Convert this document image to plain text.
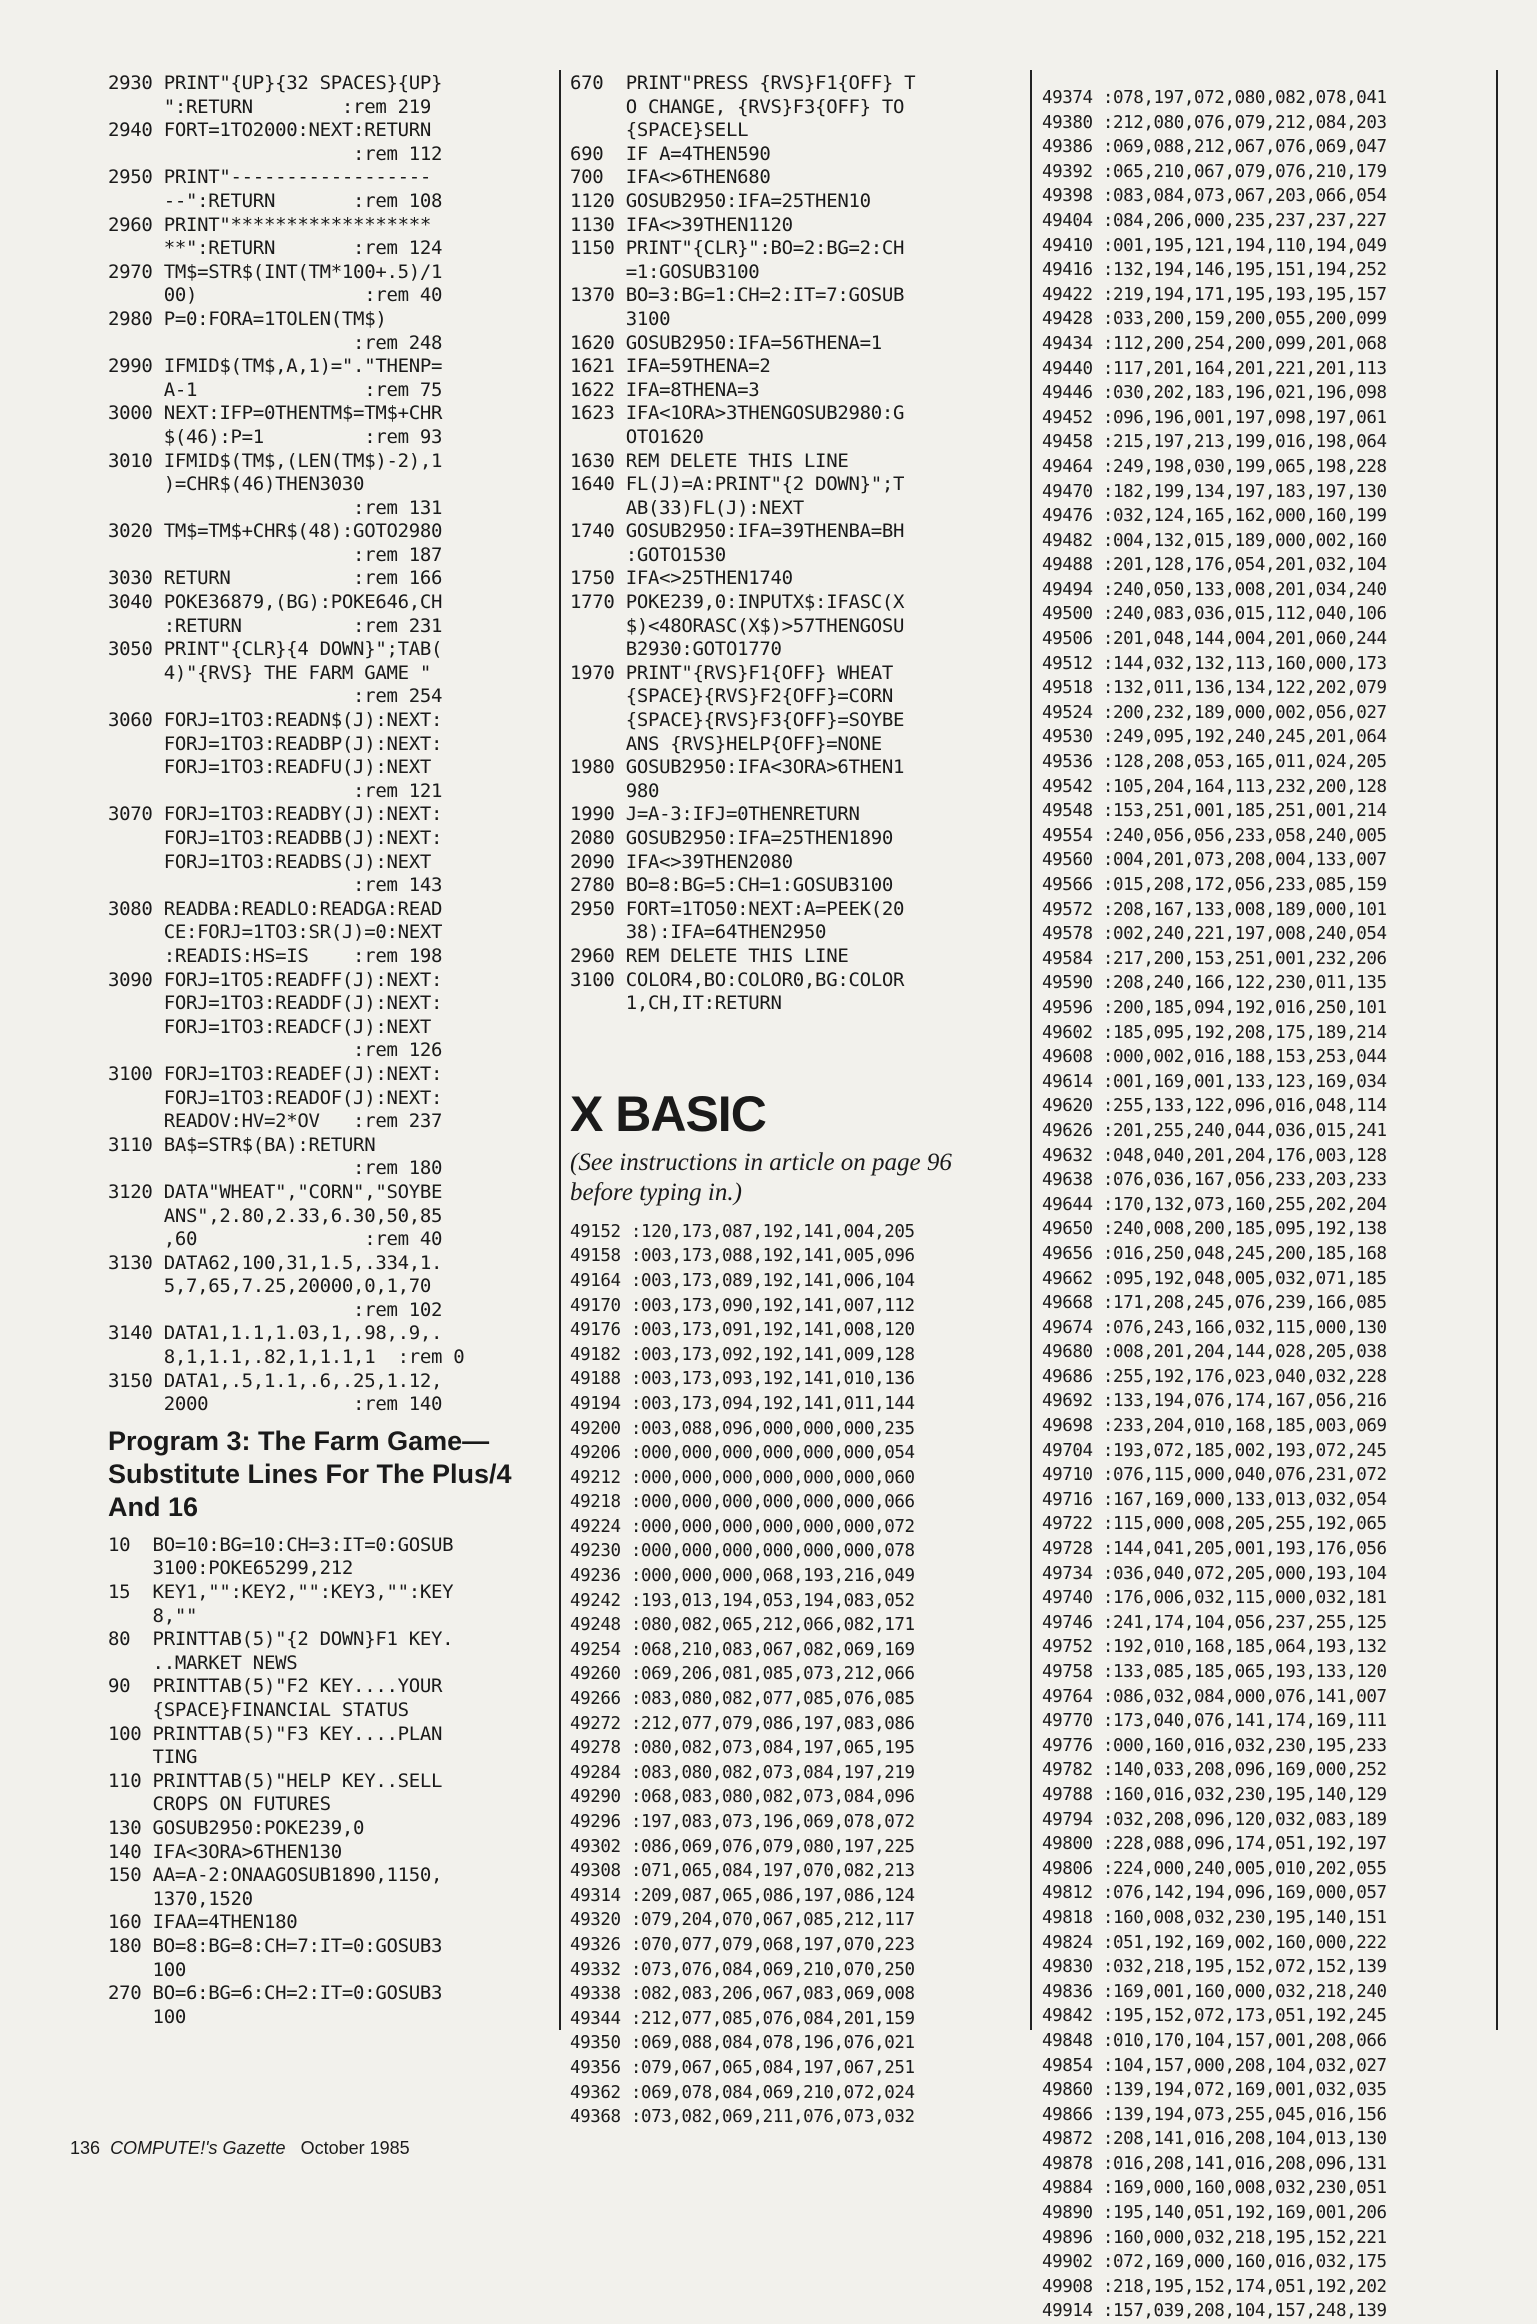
2930 PRINT"{UP}{32 SPACES}{UP}
":RETURN        :rem 219
2940 FORT=1TO2000:NEXT:RETURN
:rem 112
2950 PRINT"------------------
--":RETURN       :rem 108
2960 PRINT"******************
**":RETURN       :rem 124
2970 TM$=STR$(INT(TM*100+.5)/1
00)               :rem 40
2980 P=0:FORA=1TOLEN(TM$)
:rem 248
2990 IFMID$(TM$,A,1)="."THENP=
A-1               :rem 75
3000 NEXT:IFP=0THENTM$=TM$+CHR
$(46):P=1         :rem 93
3010 IFMID$(TM$,(LEN(TM$)-2),1
)=CHR$(46)THEN3030
:rem 131
3020 TM$=TM$+CHR$(48):GOTO2980
:rem 187
3030 RETURN           :rem 166
3040 POKE36879,(BG):POKE646,CH
:RETURN          :rem 231
3050 PRINT"{CLR}{4 DOWN}";TAB(
4)"{RVS} THE FARM GAME "
:rem 254
3060 FORJ=1TO3:READN$(J):NEXT:
FORJ=1TO3:READBP(J):NEXT:
FORJ=1TO3:READFU(J):NEXT
:rem 121
3070 FORJ=1TO3:READBY(J):NEXT:
FORJ=1TO3:READBB(J):NEXT:
FORJ=1TO3:READBS(J):NEXT
:rem 143
3080 READBA:READLO:READGA:READ
CE:FORJ=1TO3:SR(J)=0:NEXT
:READIS:HS=IS    :rem 198
3090 FORJ=1TO5:READFF(J):NEXT:
FORJ=1TO3:READDF(J):NEXT:
FORJ=1TO3:READCF(J):NEXT
:rem 126
3100 FORJ=1TO3:READEF(J):NEXT:
FORJ=1TO3:READOF(J):NEXT:
READOV:HV=2*OV   :rem 237
3110 BA$=STR$(BA):RETURN
:rem 180
3120 DATA"WHEAT","CORN","SOYBE
ANS",2.80,2.33,6.30,50,85
,60               :rem 40
3130 DATA62,100,31,1.5,.334,1.
5,7,65,7.25,20000,0,1,70
:rem 102
3140 DATA1,1.1,1.03,1,.98,.9,.
8,1,1.1,.82,1,1.1,1  :rem 0
3150 DATA1,.5,1.1,.6,.25,1.12,
2000             :rem 140
Program 3: The Farm Game— Substitute Lines For The Plus/4 And 16
10  BO=10:BG=10:CH=3:IT=0:GOSUB
3100:POKE65299,212
15  KEY1,"":KEY2,"":KEY3,"":KEY
8,""
80  PRINTTAB(5)"{2 DOWN}F1 KEY.
..MARKET NEWS
90  PRINTTAB(5)"F2 KEY....YOUR
{SPACE}FINANCIAL STATUS
100 PRINTTAB(5)"F3 KEY....PLAN
TING
110 PRINTTAB(5)"HELP KEY..SELL
CROPS ON FUTURES
130 GOSUB2950:POKE239,0
140 IFA<3ORA>6THEN130
150 AA=A-2:ONAAGOSUB1890,1150,
1370,1520
160 IFAA=4THEN180
180 BO=8:BG=8:CH=7:IT=0:GOSUB3
100
270 BO=6:BG=6:CH=2:IT=0:GOSUB3
100
670  PRINT"PRESS {RVS}F1{OFF} T
O CHANGE, {RVS}F3{OFF} TO
{SPACE}SELL
690  IF A=4THEN590
700  IFA<>6THEN680
1120 GOSUB2950:IFA=25THEN10
1130 IFA<>39THEN1120
1150 PRINT"{CLR}":BO=2:BG=2:CH
=1:GOSUB3100
1370 BO=3:BG=1:CH=2:IT=7:GOSUB
3100
1620 GOSUB2950:IFA=56THENA=1
1621 IFA=59THENA=2
1622 IFA=8THENA=3
1623 IFA<1ORA>3THENGOSUB2980:G
OTO1620
1630 REM DELETE THIS LINE
1640 FL(J)=A:PRINT"{2 DOWN}";T
AB(33)FL(J):NEXT
1740 GOSUB2950:IFA=39THENBA=BH
:GOTO1530
1750 IFA<>25THEN1740
1770 POKE239,0:INPUTX$:IFASC(X
$)<48ORASC(X$)>57THENGOSU
B2930:GOTO1770
1970 PRINT"{RVS}F1{OFF} WHEAT
{SPACE}{RVS}F2{OFF}=CORN
{SPACE}{RVS}F3{OFF}=SOYBE
ANS {RVS}HELP{OFF}=NONE
1980 GOSUB2950:IFA<3ORA>6THEN1
980
1990 J=A-3:IFJ=0THENRETURN
2080 GOSUB2950:IFA=25THEN1890
2090 IFA<>39THEN2080
2780 BO=8:BG=5:CH=1:GOSUB3100
2950 FORT=1TO50:NEXT:A=PEEK(20
38):IFA=64THEN2950
2960 REM DELETE THIS LINE
3100 COLOR4,BO:COLOR0,BG:COLOR
1,CH,IT:RETURN
X BASIC
(See instructions in article on page 96 before typing in.)
49152 :120,173,087,192,141,004,205
49158 :003,173,088,192,141,005,096
49164 :003,173,089,192,141,006,104
49170 :003,173,090,192,141,007,112
49176 :003,173,091,192,141,008,120
49182 :003,173,092,192,141,009,128
49188 :003,173,093,192,141,010,136
49194 :003,173,094,192,141,011,144
49200 :003,088,096,000,000,000,235
49206 :000,000,000,000,000,000,054
49212 :000,000,000,000,000,000,060
49218 :000,000,000,000,000,000,066
49224 :000,000,000,000,000,000,072
49230 :000,000,000,000,000,000,078
49236 :000,000,000,068,193,216,049
49242 :193,013,194,053,194,083,052
49248 :080,082,065,212,066,082,171
49254 :068,210,083,067,082,069,169
49260 :069,206,081,085,073,212,066
49266 :083,080,082,077,085,076,085
49272 :212,077,079,086,197,083,086
49278 :080,082,073,084,197,065,195
49284 :083,080,082,073,084,197,219
49290 :068,083,080,082,073,084,096
49296 :197,083,073,196,069,078,072
49302 :086,069,076,079,080,197,225
49308 :071,065,084,197,070,082,213
49314 :209,087,065,086,197,086,124
49320 :079,204,070,067,085,212,117
49326 :070,077,079,068,197,070,223
49332 :073,076,084,069,210,070,250
49338 :082,083,206,067,083,069,008
49344 :212,077,085,076,084,201,159
49350 :069,088,084,078,196,076,021
49356 :079,067,065,084,197,067,251
49362 :069,078,084,069,210,072,024
49368 :073,082,069,211,076,073,032
49374 :078,197,072,080,082,078,041
49380 :212,080,076,079,212,084,203
49386 :069,088,212,067,076,069,047
49392 :065,210,067,079,076,210,179
49398 :083,084,073,067,203,066,054
49404 :084,206,000,235,237,237,227
49410 :001,195,121,194,110,194,049
49416 :132,194,146,195,151,194,252
49422 :219,194,171,195,193,195,157
49428 :033,200,159,200,055,200,099
49434 :112,200,254,200,099,201,068
49440 :117,201,164,201,221,201,113
49446 :030,202,183,196,021,196,098
49452 :096,196,001,197,098,197,061
49458 :215,197,213,199,016,198,064
49464 :249,198,030,199,065,198,228
49470 :182,199,134,197,183,197,130
49476 :032,124,165,162,000,160,199
49482 :004,132,015,189,000,002,160
49488 :201,128,176,054,201,032,104
49494 :240,050,133,008,201,034,240
49500 :240,083,036,015,112,040,106
49506 :201,048,144,004,201,060,244
49512 :144,032,132,113,160,000,173
49518 :132,011,136,134,122,202,079
49524 :200,232,189,000,002,056,027
49530 :249,095,192,240,245,201,064
49536 :128,208,053,165,011,024,205
49542 :105,204,164,113,232,200,128
49548 :153,251,001,185,251,001,214
49554 :240,056,056,233,058,240,005
49560 :004,201,073,208,004,133,007
49566 :015,208,172,056,233,085,159
49572 :208,167,133,008,189,000,101
49578 :002,240,221,197,008,240,054
49584 :217,200,153,251,001,232,206
49590 :208,240,166,122,230,011,135
49596 :200,185,094,192,016,250,101
49602 :185,095,192,208,175,189,214
49608 :000,002,016,188,153,253,044
49614 :001,169,001,133,123,169,034
49620 :255,133,122,096,016,048,114
49626 :201,255,240,044,036,015,241
49632 :048,040,201,204,176,003,128
49638 :076,036,167,056,233,203,233
49644 :170,132,073,160,255,202,204
49650 :240,008,200,185,095,192,138
49656 :016,250,048,245,200,185,168
49662 :095,192,048,005,032,071,185
49668 :171,208,245,076,239,166,085
49674 :076,243,166,032,115,000,130
49680 :008,201,204,144,028,205,038
49686 :255,192,176,023,040,032,228
49692 :133,194,076,174,167,056,216
49698 :233,204,010,168,185,003,069
49704 :193,072,185,002,193,072,245
49710 :076,115,000,040,076,231,072
49716 :167,169,000,133,013,032,054
49722 :115,000,008,205,255,192,065
49728 :144,041,205,001,193,176,056
49734 :036,040,072,205,000,193,104
49740 :176,006,032,115,000,032,181
49746 :241,174,104,056,237,255,125
49752 :192,010,168,185,064,193,132
49758 :133,085,185,065,193,133,120
49764 :086,032,084,000,076,141,007
49770 :173,040,076,141,174,169,111
49776 :000,160,016,032,230,195,233
49782 :140,033,208,096,169,000,252
49788 :160,016,032,230,195,140,129
49794 :032,208,096,120,032,083,189
49800 :228,088,096,174,051,192,197
49806 :224,000,240,005,010,202,055
49812 :076,142,194,096,169,000,057
49818 :160,008,032,230,195,140,151
49824 :051,192,169,002,160,000,222
49830 :032,218,195,152,072,152,139
49836 :169,001,160,000,032,218,240
49842 :195,152,072,173,051,192,245
49848 :010,170,104,157,001,208,066
49854 :104,157,000,208,104,032,027
49860 :139,194,072,169,001,032,035
49866 :139,194,073,255,045,016,156
49872 :208,141,016,208,104,013,130
49878 :016,208,141,016,208,096,131
49884 :169,000,160,008,032,230,051
49890 :195,140,051,192,169,001,206
49896 :160,000,032,218,195,152,221
49902 :072,169,000,160,016,032,175
49908 :218,195,152,174,051,192,202
49914 :157,039,208,104,157,248,139
136 COMPUTE!'s Gazette October 1985
